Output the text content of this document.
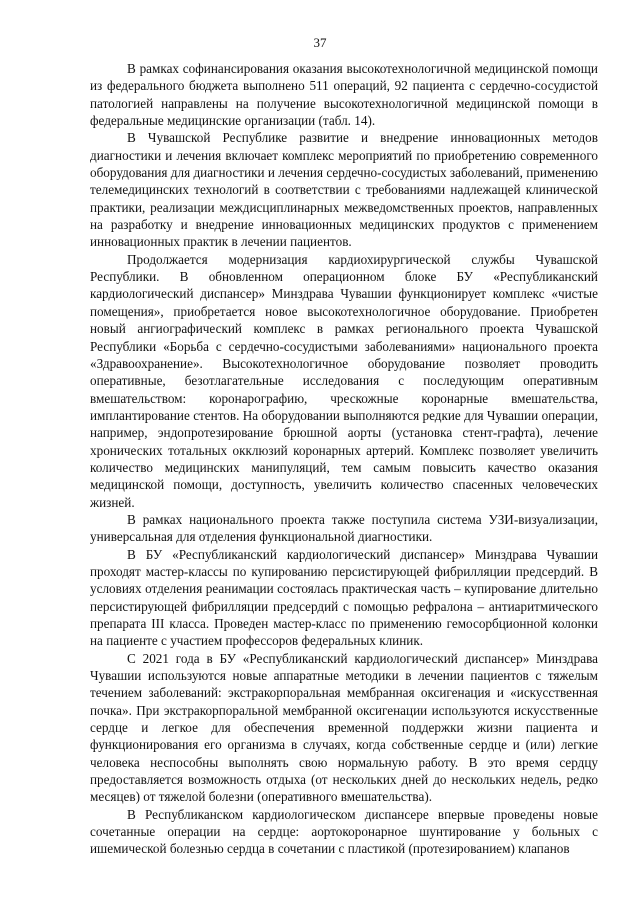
37

В рамках софинансирования оказания высокотехнологичной медицинской помощи из федерального бюджета выполнено 511 операций, 92 пациента с сердечно-сосудистой патологией направлены на получение высокотехнологичной медицинской помощи в федеральные медицинские организации (табл. 14).

В Чувашской Республике развитие и внедрение инновационных методов диагностики и лечения включает комплекс мероприятий по приобретению современного оборудования для диагностики и лечения сердечно-сосудистых заболеваний, применению телемедицинских технологий в соответствии с требованиями надлежащей клинической практики, реализации междисциплинарных межведомственных проектов, направленных на разработку и внедрение инновационных медицинских продуктов с применением инновационных практик в лечении пациентов.

Продолжается модернизация кардиохирургической службы Чувашской Республики. В обновленном операционном блоке БУ «Республиканский кардиологический диспансер» Минздрава Чувашии функционирует комплекс «чистые помещения», приобретается новое высокотехнологичное оборудование. Приобретен новый ангиографический комплекс в рамках регионального проекта Чувашской Республики «Борьба с сердечно-сосудистыми заболеваниями» национального проекта «Здравоохранение». Высокотехнологичное оборудование позволяет проводить оперативные, безотлагательные исследования с последующим оперативным вмешательством: коронарографию, чрескожные коронарные вмешательства, имплантирование стентов. На оборудовании выполняются редкие для Чувашии операции, например, эндопротезирование брюшной аорты (установка стент-графта), лечение хронических тотальных окклюзий коронарных артерий. Комплекс позволяет увеличить количество медицинских манипуляций, тем самым повысить качество оказания медицинской помощи, доступность, увеличить количество спасенных человеческих жизней.

В рамках национального проекта также поступила система УЗИ-визуализации, универсальная для отделения функциональной диагностики.

В БУ «Республиканский кардиологический диспансер» Минздрава Чувашии проходят мастер-классы по купированию персистирующей фибрилляции предсердий. В условиях отделения реанимации состоялась практическая часть – купирование длительно персистирующей фибрилляции предсердий с помощью рефралона – антиаритмического препарата III класса. Проведен мастер-класс по применению гемосорбционной колонки на пациенте с участием профессоров федеральных клиник.

С 2021 года в БУ «Республиканский кардиологический диспансер» Минздрава Чувашии используются новые аппаратные методики в лечении пациентов с тяжелым течением заболеваний: экстракорпоральная мембранная оксигенация и «искусственная почка». При экстракорпоральной мембранной оксигенации используются искусственные сердце и легкое для обеспечения временной поддержки жизни пациента и функционирования его организма в случаях, когда собственные сердце и (или) легкие человека неспособны выполнять свою нормальную работу. В это время сердцу предоставляется возможность отдыха (от нескольких дней до нескольких недель, редко месяцев) от тяжелой болезни (оперативного вмешательства).

В Республиканском кардиологическом диспансере впервые проведены новые сочетанные операции на сердце: аортокоронарное шунтирование у больных с ишемической болезнью сердца в сочетании с пластикой (протезированием) клапанов
